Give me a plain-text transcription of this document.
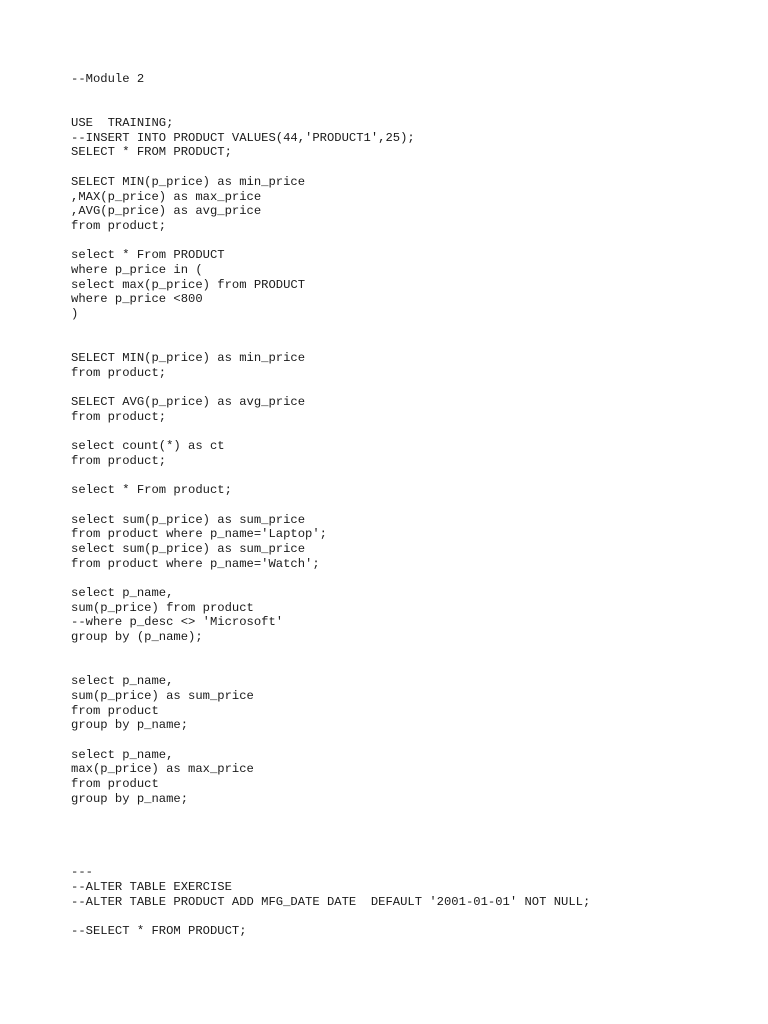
--Module 2
USE  TRAINING;
--INSERT INTO PRODUCT VALUES(44,'PRODUCT1',25);
SELECT * FROM PRODUCT;
SELECT MIN(p_price) as min_price
,MAX(p_price) as max_price
,AVG(p_price) as avg_price
from product;
select * From PRODUCT
where p_price in (
select max(p_price) from PRODUCT
where p_price <800
)
SELECT MIN(p_price) as min_price
from product;
SELECT AVG(p_price) as avg_price
from product;
select count(*) as ct
from product;
select * From product;
select sum(p_price) as sum_price
from product where p_name='Laptop';
select sum(p_price) as sum_price
from product where p_name='Watch';
select p_name,
sum(p_price) from product
--where p_desc <> 'Microsoft'
group by (p_name);
select p_name,
sum(p_price) as sum_price
from product
group by p_name;
select p_name,
max(p_price) as max_price
from product
group by p_name;
---
--ALTER TABLE EXERCISE
--ALTER TABLE PRODUCT ADD MFG_DATE DATE  DEFAULT '2001-01-01' NOT NULL;
--SELECT * FROM PRODUCT;
